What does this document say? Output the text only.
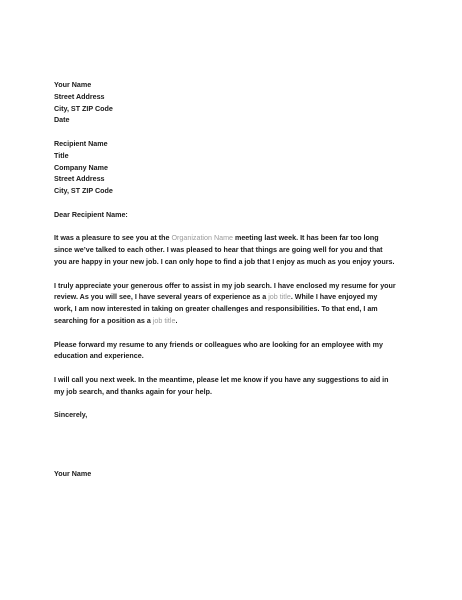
Your Name
Street Address
City, ST ZIP Code
Date
Recipient Name
Title
Company Name
Street Address
City, ST ZIP Code
Dear Recipient Name:
It was a pleasure to see you at the Organization Name meeting last week. It has been far too long
since we’ve talked to each other. I was pleased to hear that things are going well for you and that
you are happy in your new job. I can only hope to find a job that I enjoy as much as you enjoy yours.
I truly appreciate your generous offer to assist in my job search. I have enclosed my resume for your
review. As you will see, I have several years of experience as a job title. While I have enjoyed my
work, I am now interested in taking on greater challenges and responsibilities. To that end, I am
searching for a position as a job title.
Please forward my resume to any friends or colleagues who are looking for an employee with my
education and experience.
I will call you next week. In the meantime, please let me know if you have any suggestions to aid in
my job search, and thanks again for your help.
Sincerely,
Your Name
